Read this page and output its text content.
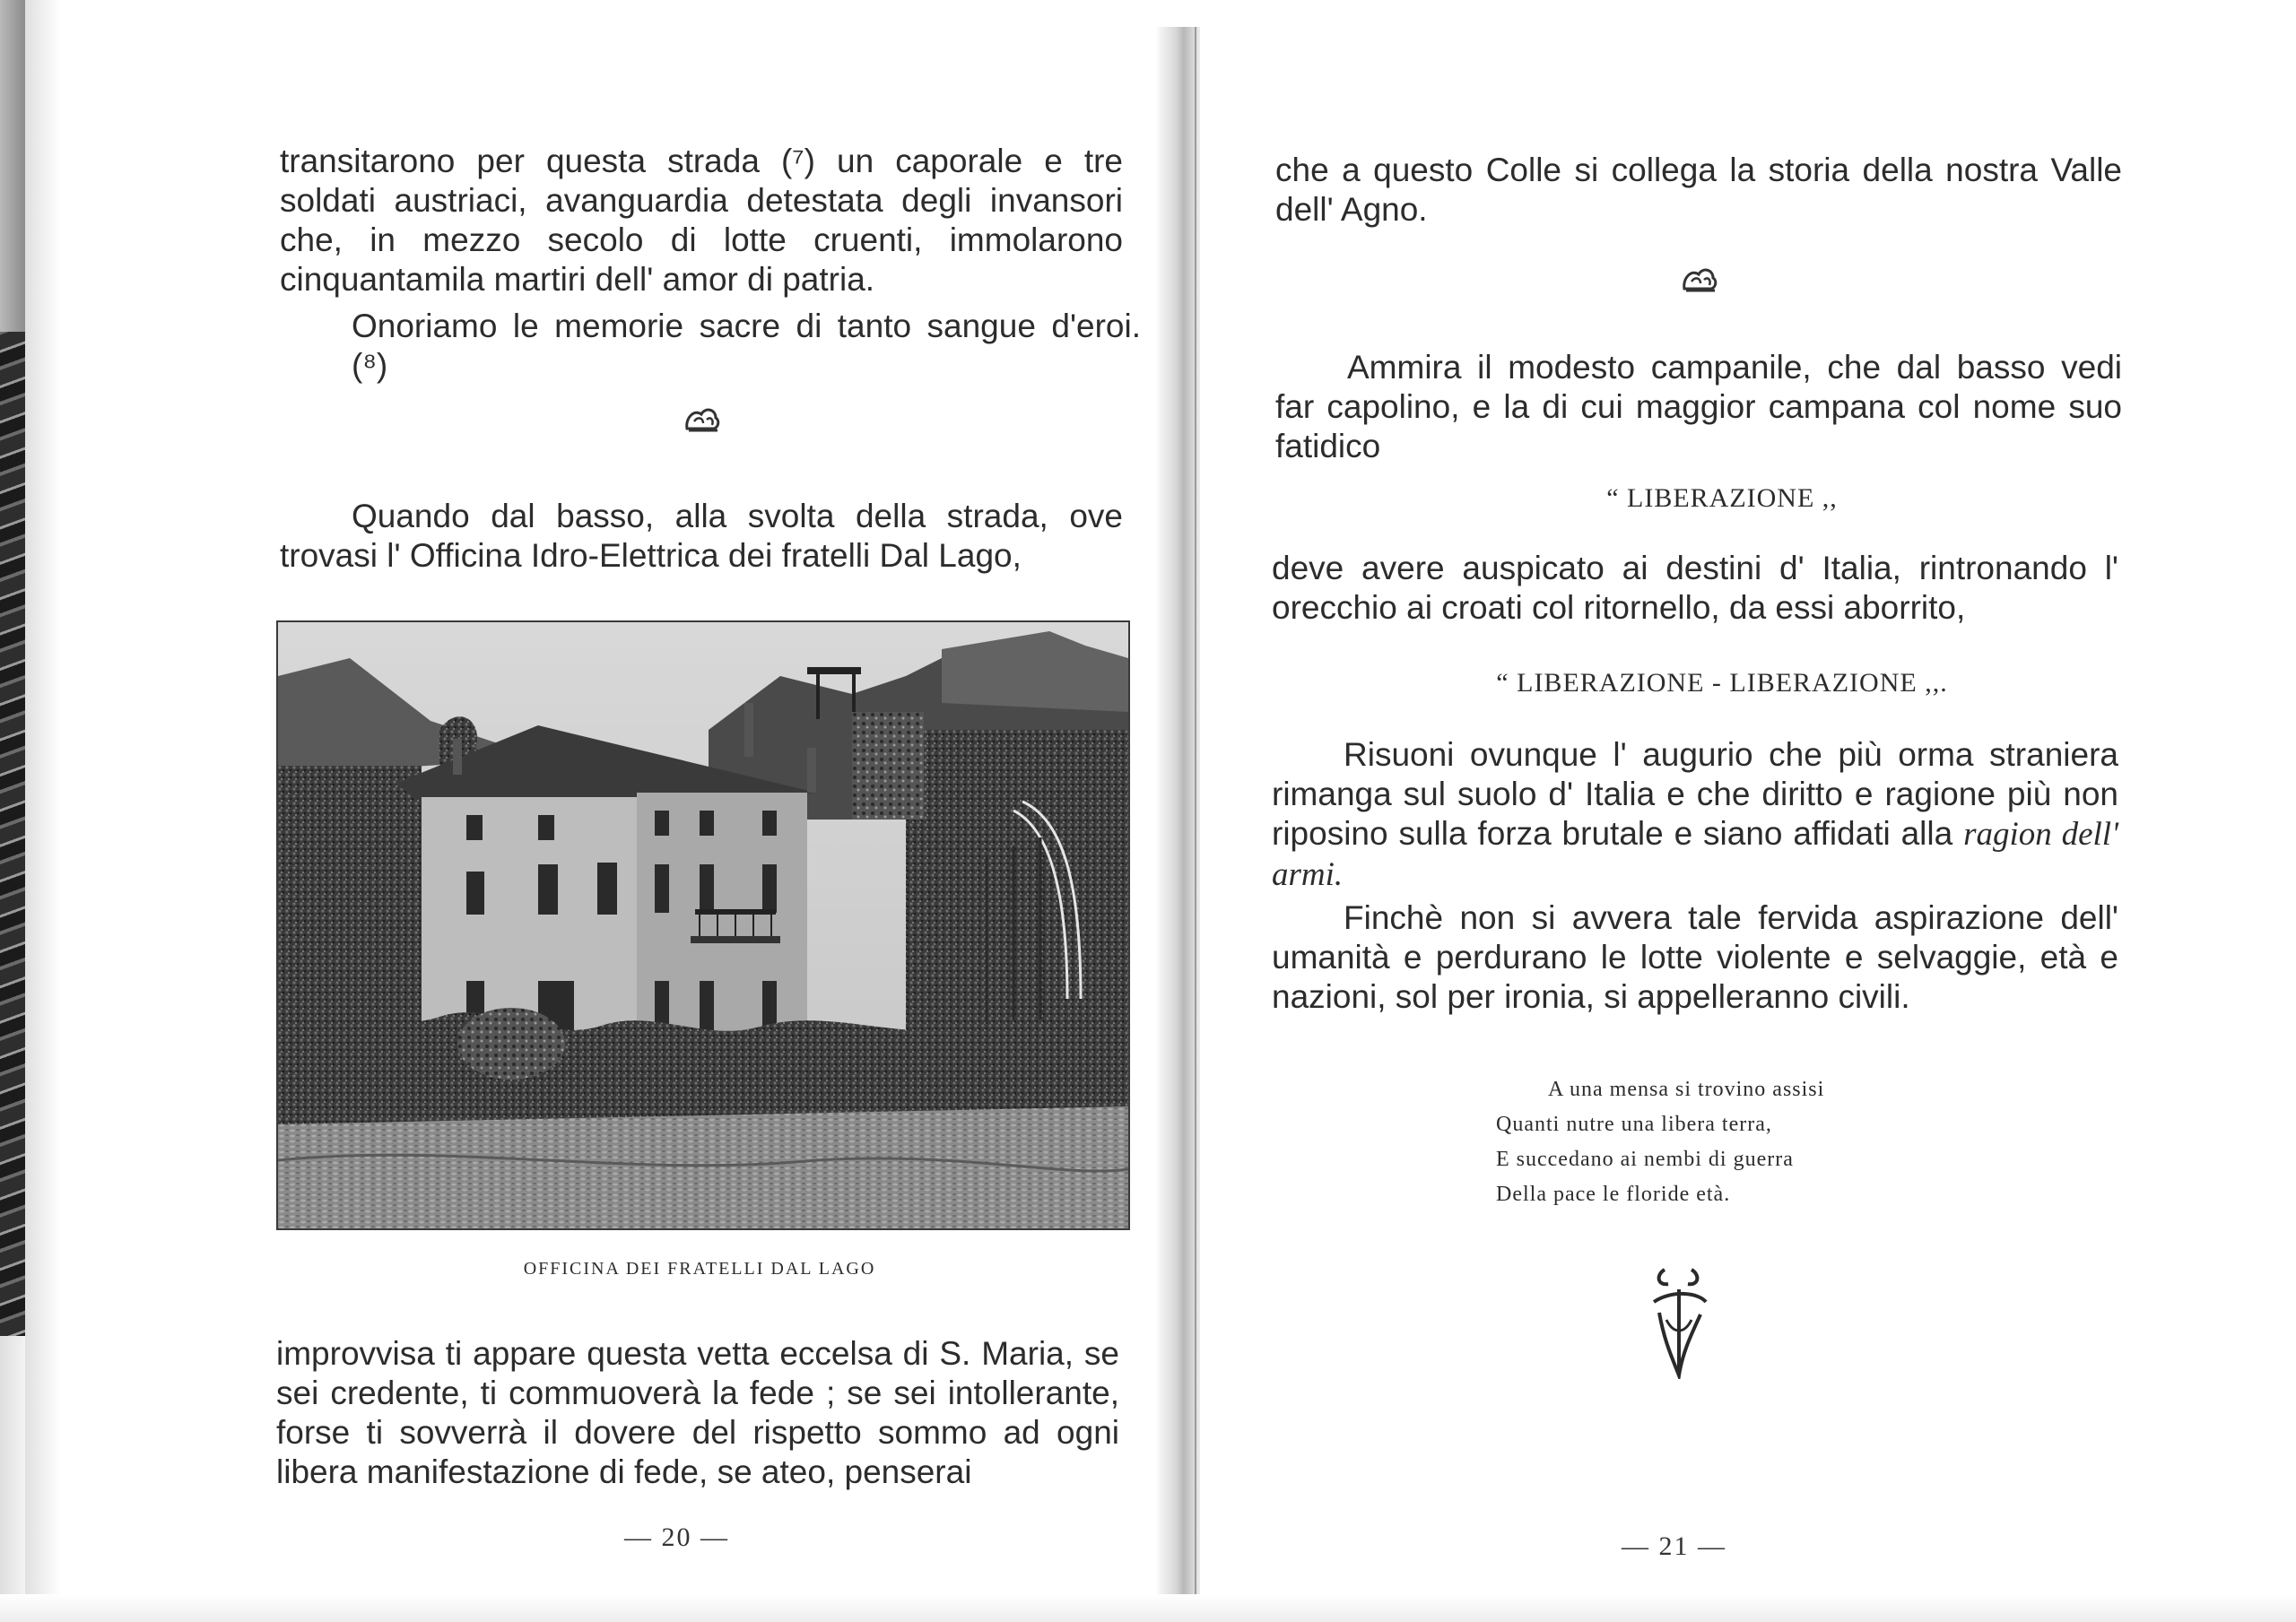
transitarono per questa strada (⁷) un caporale e tre soldati austriaci, avanguardia detestata degli invansori che, in mezzo secolo di lotte cruenti, immolarono cinquantamila martiri dell' amor di patria.

Onoriamo le memorie sacre di tanto sangue d'eroi. (⁸)

Quando dal basso, alla svolta della strada, ove trovasi l' Officina Idro-Elettrica dei fratelli Dal Lago,

OFFICINA DEI FRATELLI DAL LAGO

improvvisa ti appare questa vetta eccelsa di S. Maria, se sei credente, ti commuoverà la fede ; se sei intollerante, forse ti sovverrà il dovere del rispetto sommo ad ogni libera manifestazione di fede, se ateo, penserai

— 20 —

che a questo Colle si collega la storia della nostra Valle dell' Agno.

Ammira il modesto campanile, che dal basso vedi far capolino, e la di cui maggior campana col nome suo fatidico

“ LIBERAZIONE ,,

deve avere auspicato ai destini d' Italia, rintronando l' orecchio ai croati col ritornello, da essi aborrito,

“ LIBERAZIONE - LIBERAZIONE ,,.

Risuoni ovunque l' augurio che più orma straniera rimanga sul suolo d' Italia e che diritto e ragione più non riposino sulla forza brutale e siano affidati alla ragion dell' armi.

Finchè non si avvera tale fervida aspirazione dell' umanità e perdurano le lotte violente e selvaggie, età e nazioni, sol per ironia, si appelleranno civili.

A una mensa si trovino assisi
Quanti nutre una libera terra,
E succedano ai nembi di guerra
Della pace le floride età.
— 21 —
